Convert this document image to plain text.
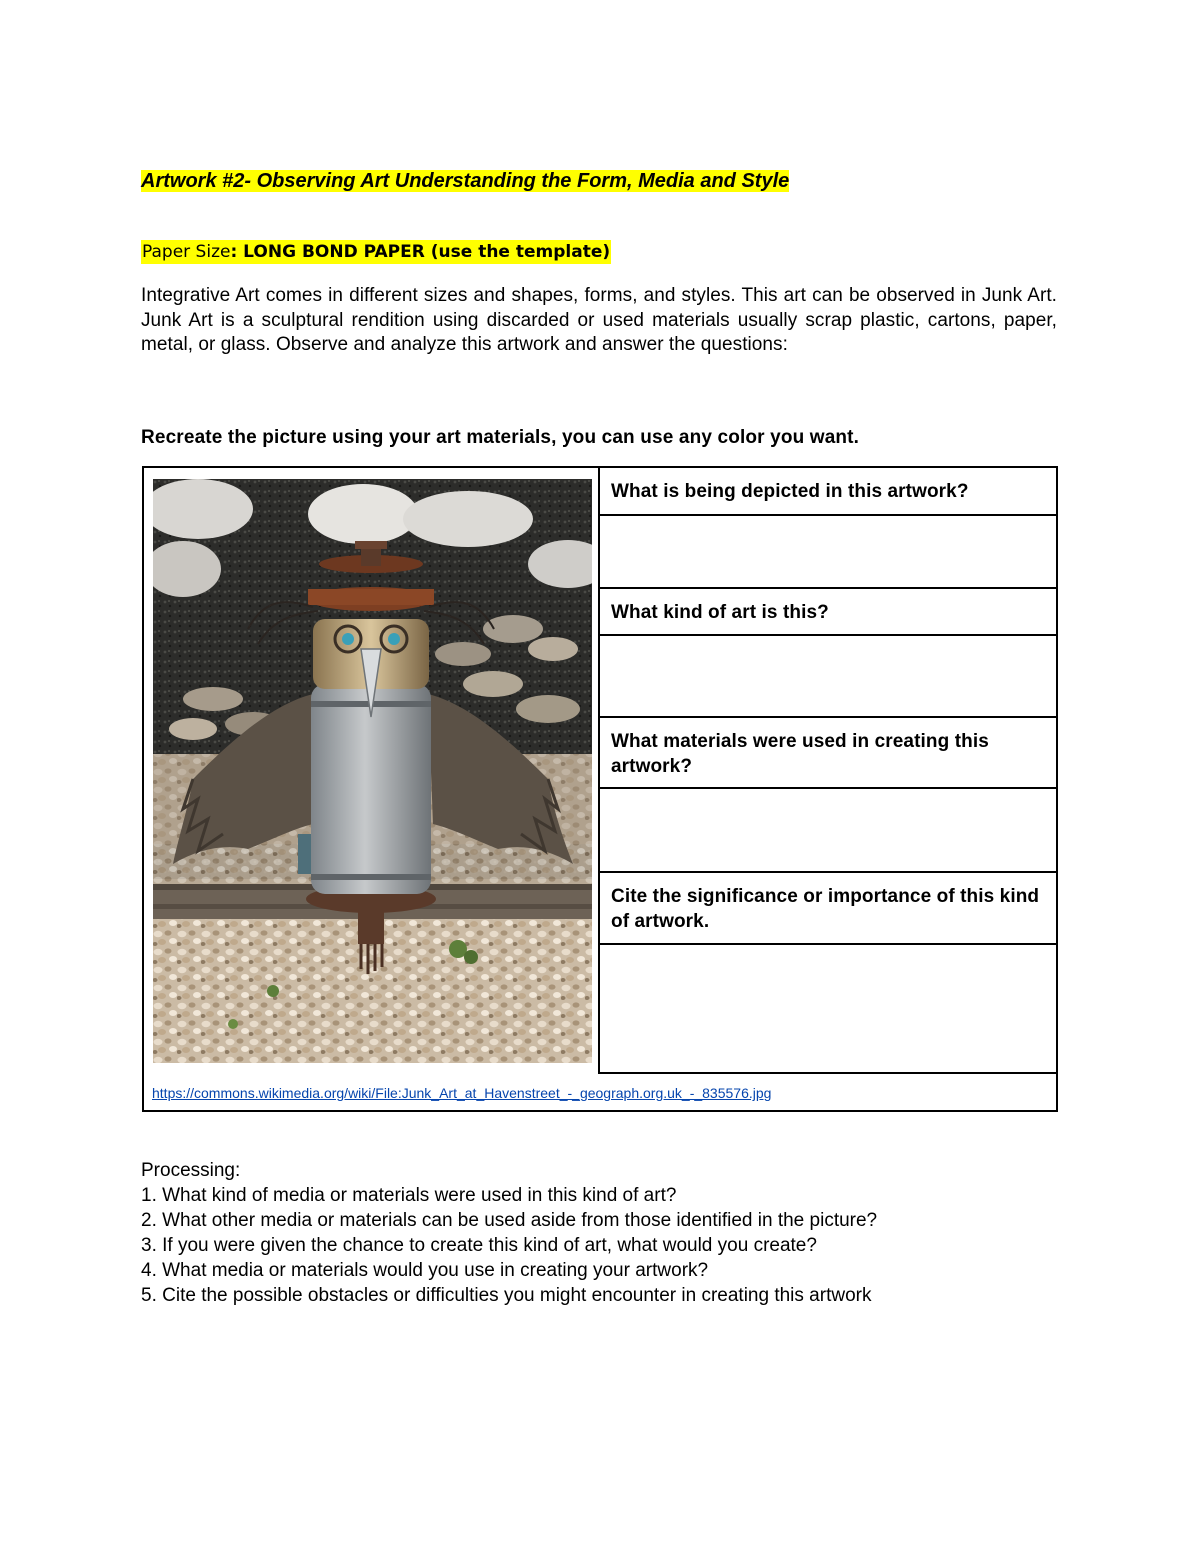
Artwork #2- Observing Art Understanding the Form, Media and Style

Paper Size: LONG BOND PAPER (use the template)

Integrative Art comes in different sizes and shapes, forms, and styles. This art can be observed in Junk Art. Junk Art is a sculptural rendition using discarded or used materials usually scrap plastic, cartons, paper, metal, or glass. Observe and analyze this artwork and answer the questions:

Recreate the picture using your art materials, you can use any color you want.

What is being depicted in this artwork?
What kind of art is this?
What materials were used in creating this artwork?
Cite the significance or importance of this kind of artwork.
https://commons.wikimedia.org/wiki/File:Junk_Art_at_Havenstreet_-_geograph.org.uk_-_835576.jpg

Processing:

1. What kind of media or materials were used in this kind of art?
2. What other media or materials can be used aside from those identified in the picture?
3. If you were given the chance to create this kind of art, what would you create?
4. What media or materials would you use in creating your artwork?
5. Cite the possible obstacles or difficulties you might encounter in creating this artwork
